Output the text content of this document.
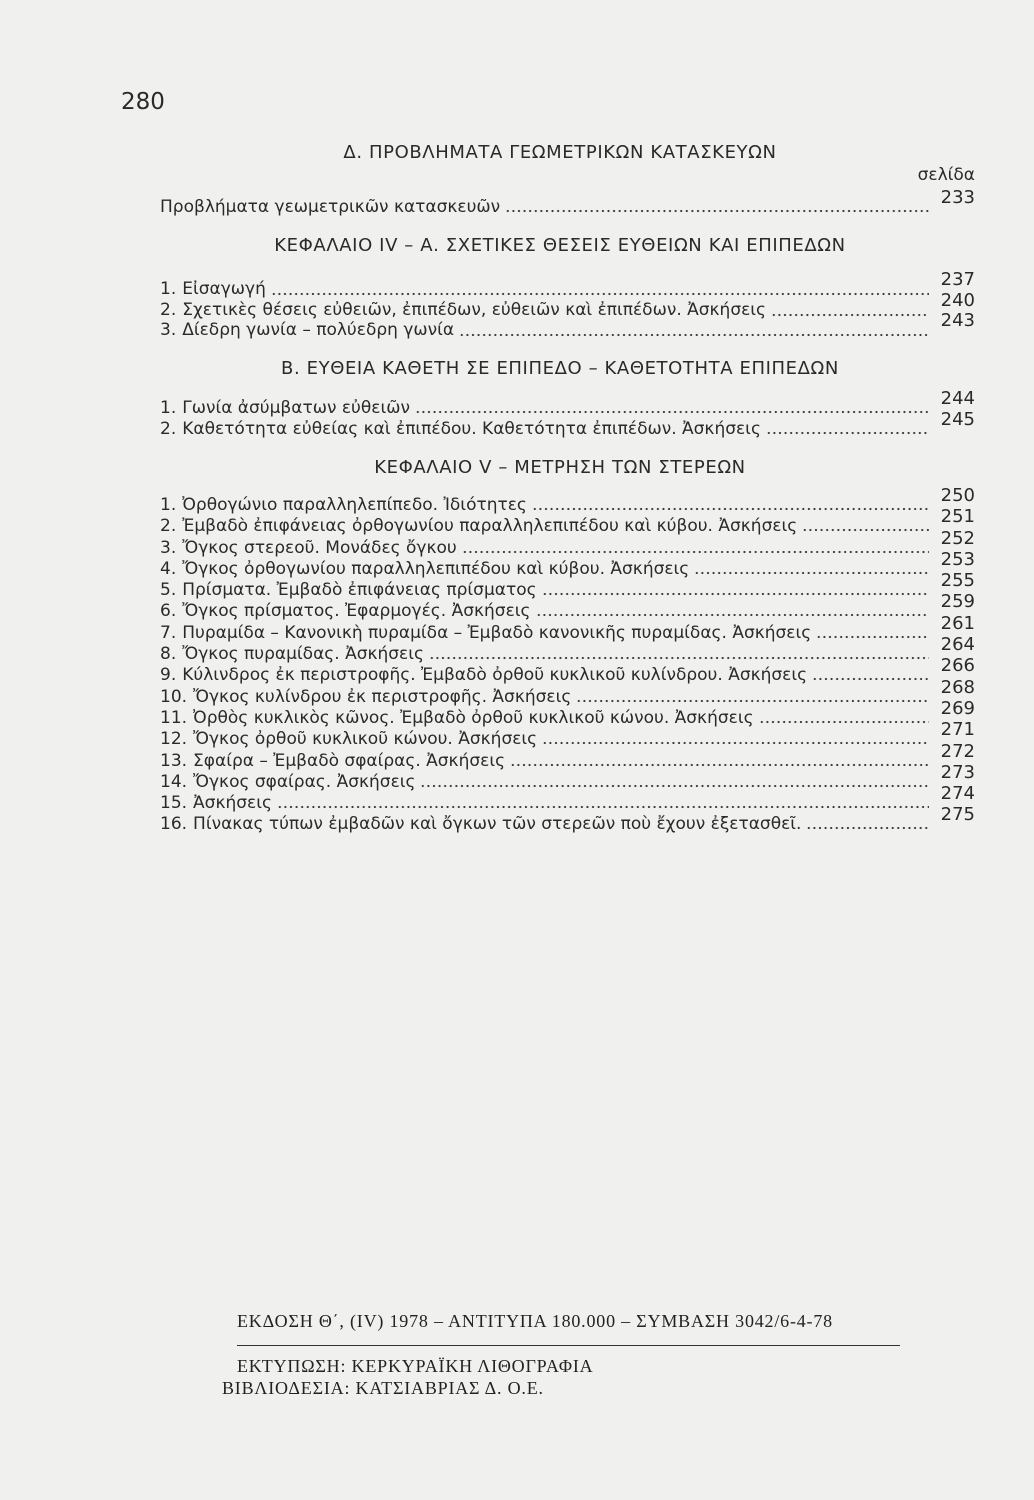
280
Δ. ΠΡΟΒΛΗΜΑΤΑ ΓΕΩΜΕΤΡΙΚΩΝ ΚΑΤΑΣΚΕΥΩΝ
σελίδα
Προβλήματα γεωμετρικῶν κατασκευῶν	233
ΚΕΦΑΛΑΙΟ IV – Α. ΣΧΕΤΙΚΕΣ ΘΕΣΕΙΣ ΕΥΘΕΙΩΝ ΚΑΙ ΕΠΙΠΕΔΩΝ
1. Εἰσαγωγή	237
2. Σχετικὲς θέσεις εὐθειῶν, ἐπιπέδων, εὐθειῶν καὶ ἐπιπέδων. Ἀσκήσεις	240
3. Δίεδρη γωνία – πολύεδρη γωνία	243
Β. ΕΥΘΕΙΑ ΚΑΘΕΤΗ ΣΕ ΕΠΙΠΕΔΟ – ΚΑΘΕΤΟΤΗΤΑ ΕΠΙΠΕΔΩΝ
1. Γωνία ἀσύμβατων εὐθειῶν	244
2. Καθετότητα εὐθείας καὶ ἐπιπέδου. Καθετότητα ἐπιπέδων. Ἀσκήσεις	245
ΚΕΦΑΛΑΙΟ V – ΜΕΤΡΗΣΗ ΤΩΝ ΣΤΕΡΕΩΝ
1. Ὀρθογώνιο παραλληλεπίπεδο. Ἰδιότητες	250
2. Ἐμβαδὸ ἐπιφάνειας ὀρθογωνίου παραλληλεπιπέδου καὶ κύβου. Ἀσκήσεις	251
3. Ὄγκος στερεοῦ. Μονάδες ὄγκου	252
4. Ὄγκος ὀρθογωνίου παραλληλεπιπέδου καὶ κύβου. Ἀσκήσεις	253
5. Πρίσματα. Ἐμβαδὸ ἐπιφάνειας πρίσματος	255
6. Ὄγκος πρίσματος. Ἐφαρμογές. Ἀσκήσεις	259
7. Πυραμίδα – Κανονικὴ πυραμίδα – Ἐμβαδὸ κανονικῆς πυραμίδας. Ἀσκήσεις	261
8. Ὄγκος πυραμίδας. Ἀσκήσεις	264
9. Κύλινδρος ἐκ περιστροφῆς. Ἐμβαδὸ ὀρθοῦ κυκλικοῦ κυλίνδρου. Ἀσκήσεις	266
10. Ὄγκος κυλίνδρου ἐκ περιστροφῆς. Ἀσκήσεις	268
11. Ὀρθὸς κυκλικὸς κῶνος. Ἐμβαδὸ ὀρθοῦ κυκλικοῦ κώνου. Ἀσκήσεις	269
12. Ὄγκος ὀρθοῦ κυκλικοῦ κώνου. Ἀσκήσεις	271
13. Σφαίρα – Ἐμβαδὸ σφαίρας. Ἀσκήσεις	272
14. Ὄγκος σφαίρας. Ἀσκήσεις	273
15. Ἀσκήσεις	274
16. Πίνακας τύπων ἐμβαδῶν καὶ ὄγκων τῶν στερεῶν ποὺ ἔχουν ἐξετασθεῖ.	275
ΕΚΔΟΣΗ Θ΄, (IV) 1978 – ΑΝΤΙΤΥΠΑ 180.000 – ΣΥΜΒΑΣΗ 3042/6-4-78
ΕΚΤΥΠΩΣΗ: ΚΕΡΚΥΡΑΪΚΗ ΛΙΘΟΓΡΑΦΙΑ
ΒΙΒΛΙΟΔΕΣΙΑ: ΚΑΤΣΙΑΒΡΙΑΣ Δ. Ο.Ε.
